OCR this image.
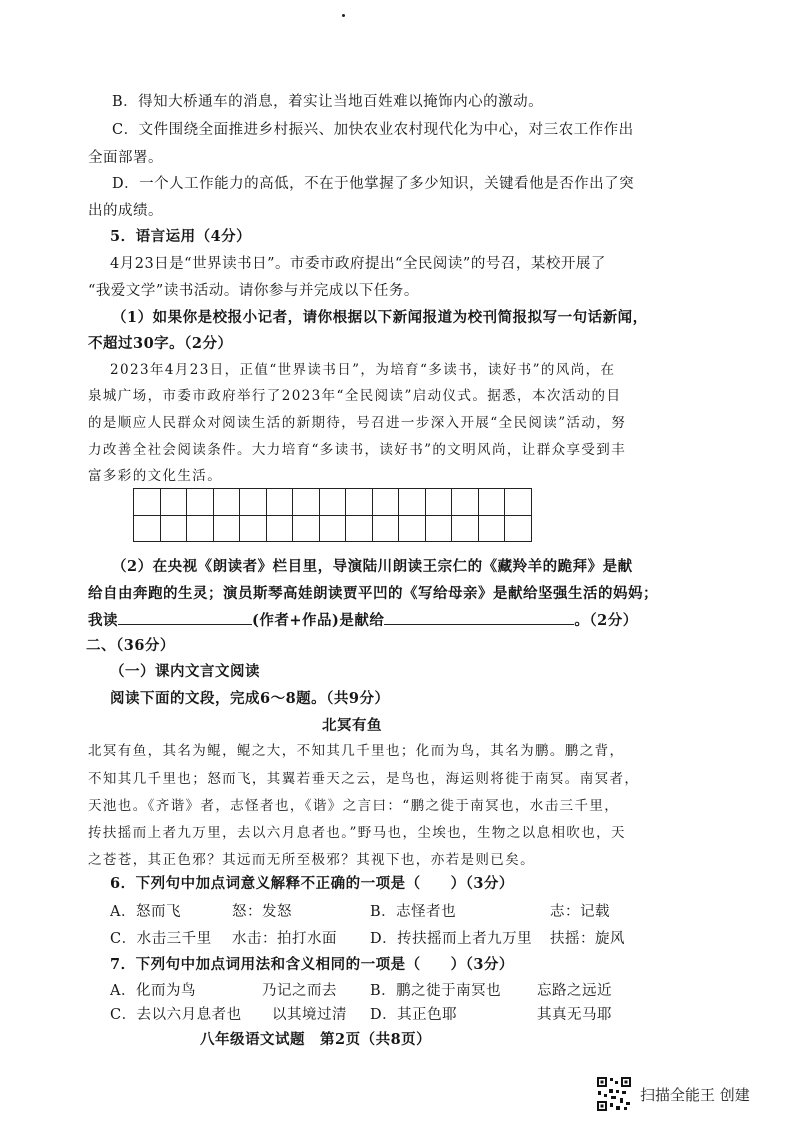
B．得知大桥通车的消息，着实让当地百姓难以掩饰内心的激动。
C．文件围绕全面推进乡村振兴、加快农业农村现代化为中心，对三农工作作出
全面部署。
D．一个人工作能力的高低，不在于他掌握了多少知识，关键看他是否作出了突
出的成绩。
5．语言运用（4分）
4月23日是“世界读书日”。市委市政府提出“全民阅读”的号召，某校开展了
“我爱文学”读书活动。请你参与并完成以下任务。
（1）如果你是校报小记者，请你根据以下新闻报道为校刊简报拟写一句话新闻，
不超过30字。（2分）
2023年4月23日，正值“世界读书日”，为培育“多读书，读好书”的风尚，在
泉城广场，市委市政府举行了2023年“全民阅读”启动仪式。据悉，本次活动的目
的是顺应人民群众对阅读生活的新期待，号召进一步深入开展“全民阅读”活动，努
力改善全社会阅读条件。大力培育“多读书，读好书”的文明风尚，让群众享受到丰
富多彩的文化生活。

（2）在央视《朗读者》栏目里，导演陆川朗读王宗仁的《藏羚羊的跪拜》是献
给自由奔跑的生灵；演员斯琴高娃朗读贾平凹的《写给母亲》是献给坚强生活的妈妈；
我读	(作者+作品)是献给	。（2分）
二、（36分）
（一）课内文言文阅读
阅读下面的文段，完成6～8题。（共9分）
北冥有鱼
北冥有鱼，其名为鲲，鲲之大，不知其几千里也；化而为鸟，其名为鹏。鹏之背，
不知其几千里也；怒而飞，其翼若垂天之云，是鸟也，海运则将徙于南冥。南冥者，
天池也。《齐谐》者，志怪者也，《谐》之言曰：“鹏之徙于南冥也，水击三千里，
抟扶摇而上者九万里，去以六月息者也。”野马也，尘埃也，生物之以息相吹也，天
之苍苍，其正色邪？其远而无所至极邪？其视下也，亦若是则已矣。
6．下列句中加点词意义解释不正确的一项是（　　）（3分）
A．怒而飞	怒：发怒	B．志怪者也	志：记载
C．水击三千里 水击：拍打水面 D．抟扶摇而上者九万里 扶摇：旋风
7．下列句中加点词用法和含义相同的一项是（　　）（3分）
A．化而为鸟	乃记之而去 B．鹏之徙于南冥也 忘路之远近
C．去以六月息者也 以其境过清 D．其正色耶	其真无马耶
八年级语文试题　第2页（共8页）
扫描全能王 创建
